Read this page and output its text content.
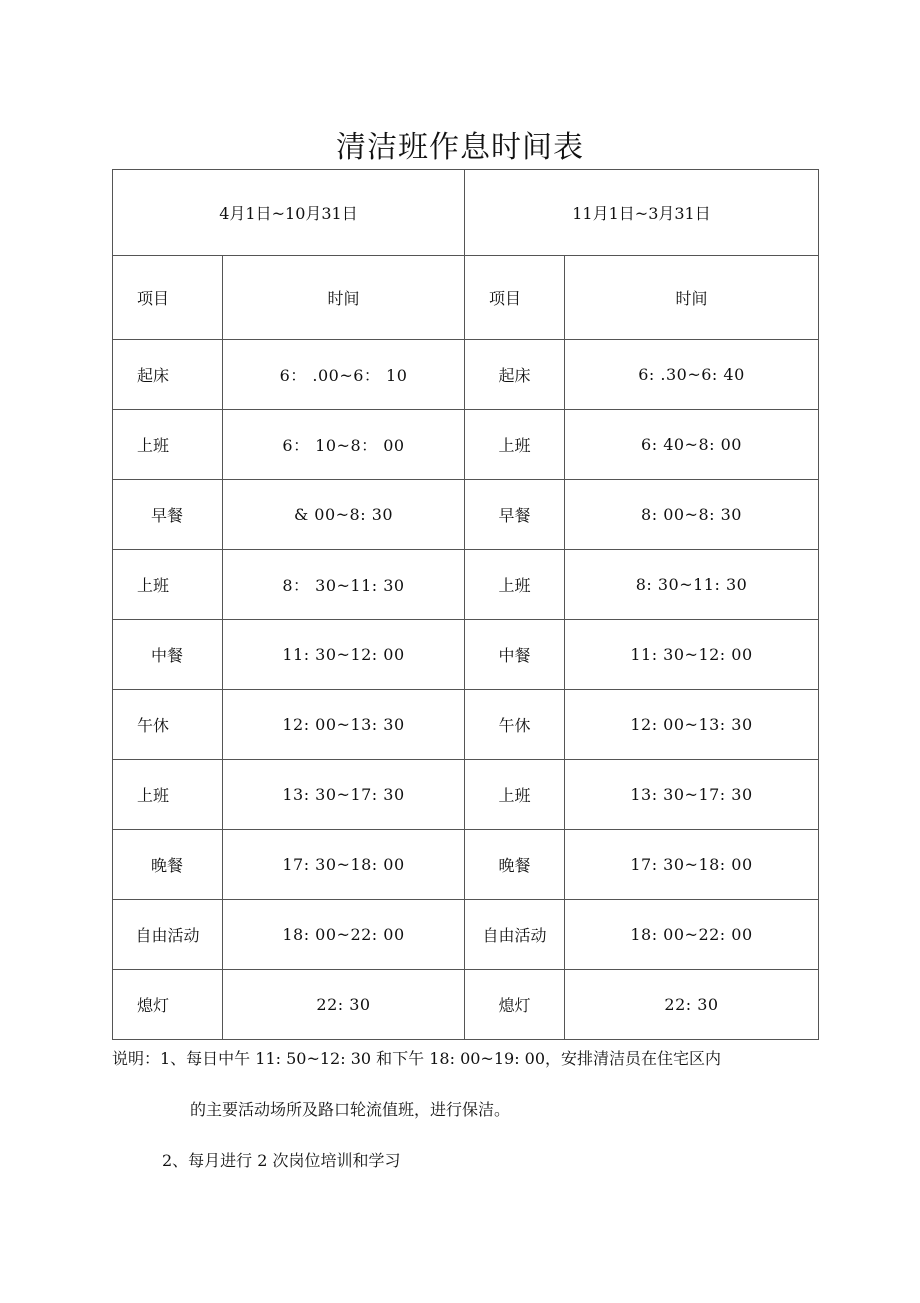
清洁班作息时间表
4月1日~10月31日		11月1日~3月31日	
项目	时间	项目	时间
起床	6： .00~6： 10	起床	6: .30~6: 40
上班	6： 10~8： 00	上班	6: 40~8: 00
早餐	& 00~8: 30	早餐	8: 00~8: 30
上班	8： 30~11: 30	上班	8: 30~11: 30
中餐	11: 30~12: 00	中餐	11: 30~12: 00
午休	12: 00~13: 30	午休	12: 00~13: 30
上班	13: 30~17: 30	上班	13: 30~17: 30
晚餐	17: 30~18: 00	晚餐	17: 30~18: 00
自由活动	18: 00~22: 00	自由活动	18: 00~22: 00
熄灯	22: 30	熄灯	22: 30
说明：1、每日中午 11: 50~12: 30 和下午 18: 00~19: 00，安排清洁员在住宅区内
的主要活动场所及路口轮流值班，进行保洁。
2、每月进行 2 次岗位培训和学习
